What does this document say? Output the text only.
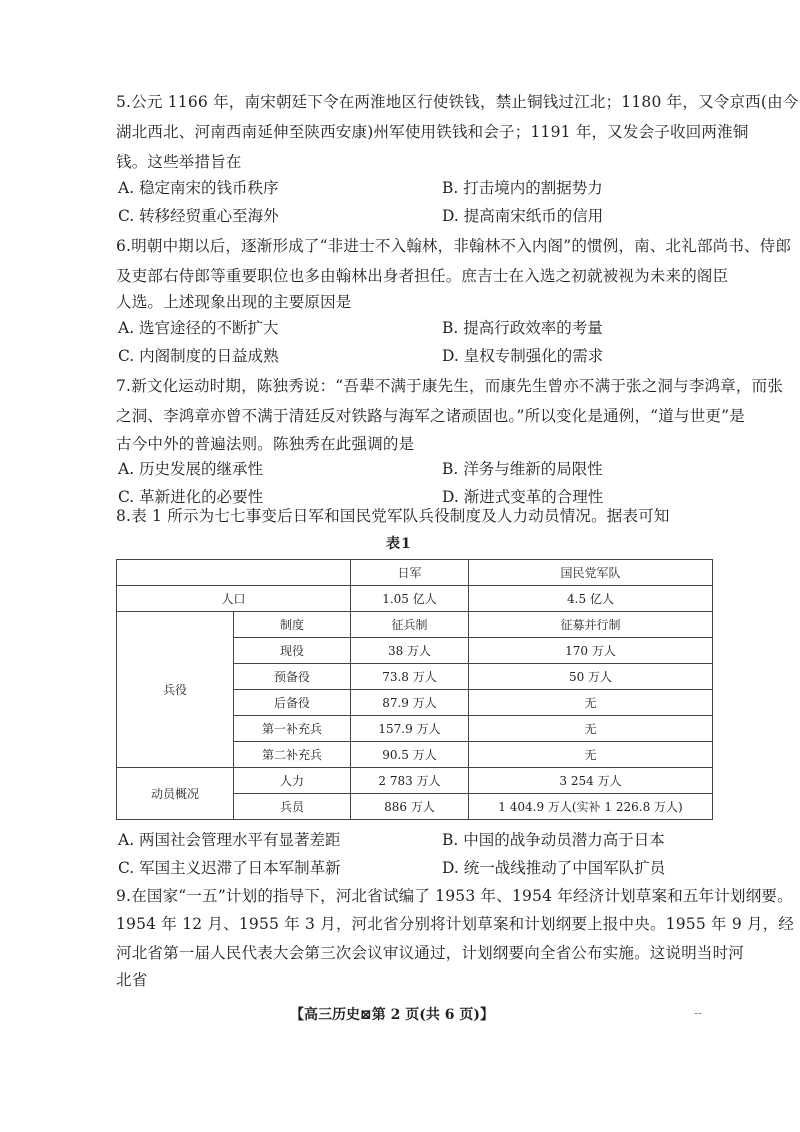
5.公元 1166 年，南宋朝廷下令在两淮地区行使铁钱，禁止铜钱过江北；1180 年，又令京西(由今
湖北西北、河南西南延伸至陕西安康)州军使用铁钱和会子；1191 年，又发会子收回两淮铜
钱。这些举措旨在
A. 稳定南宋的钱币秩序	B. 打击境内的割据势力
C. 转移经贸重心至海外	D. 提高南宋纸币的信用
6.明朝中期以后，逐渐形成了“非进士不入翰林，非翰林不入内阁”的惯例，南、北礼部尚书、侍郎
及吏部右侍郎等重要职位也多由翰林出身者担任。庶吉士在入选之初就被视为未来的阁臣
人选。上述现象出现的主要原因是
A. 选官途径的不断扩大	B. 提高行政效率的考量
C. 内阁制度的日益成熟	D. 皇权专制强化的需求
7.新文化运动时期，陈独秀说：“吾辈不满于康先生，而康先生曾亦不满于张之洞与李鸿章，而张
之洞、李鸿章亦曾不满于清廷反对铁路与海军之诸顽固也。”所以变化是通例，“道与世更”是
古今中外的普遍法则。陈独秀在此强调的是
A. 历史发展的继承性	B. 洋务与维新的局限性
C. 革新进化的必要性	D. 渐进式变革的合理性
8.表 1 所示为七七事变后日军和国民党军队兵役制度及人力动员情况。据表可知
表1
		日军	国民党军队
人口		1.05 亿人	4.5 亿人
兵役	制度	征兵制	征募并行制
	现役	38 万人	170 万人
	预备役	73.8 万人	50 万人
	后备役	87.9 万人	无
	第一补充兵	157.9 万人	无
	第二补充兵	90.5 万人	无
动员概况	人力	2 783 万人	3 254 万人
	兵员	886 万人	1 404.9 万人(实补 1 226.8 万人)
A. 两国社会管理水平有显著差距	B. 中国的战争动员潜力高于日本
C. 军国主义迟滞了日本军制革新	D. 统一战线推动了中国军队扩员
9.在国家“一五”计划的指导下，河北省试编了 1953 年、1954 年经济计划草案和五年计划纲要。
1954 年 12 月、1955 年 3 月，河北省分别将计划草案和计划纲要上报中央。1955 年 9 月，经
河北省第一届人民代表大会第三次会议审议通过，计划纲要向全省公布实施。这说明当时河
北省
【高三历史⊠第 2 页(共 6 页)】	--
